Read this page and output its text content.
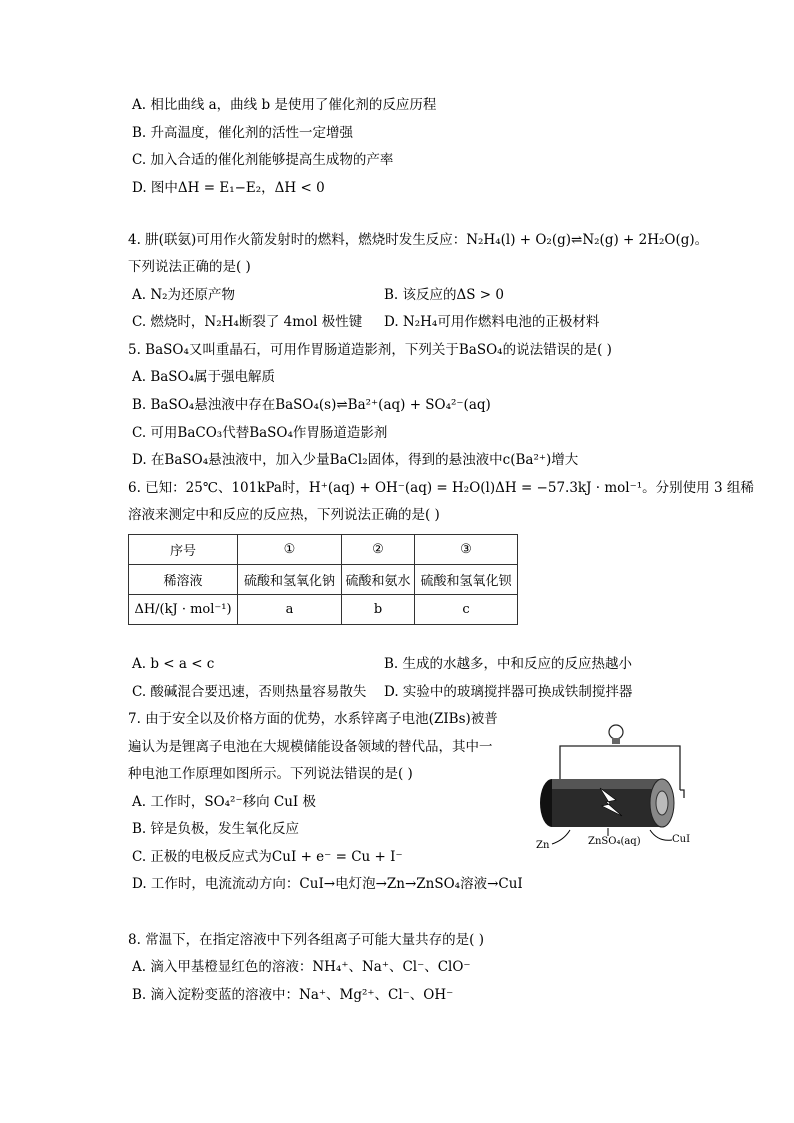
A. 相比曲线 a，曲线 b 是使用了催化剂的反应历程
B. 升高温度，催化剂的活性一定增强
C. 加入合适的催化剂能够提高生成物的产率
D. 图中ΔH = E₁−E₂，ΔH < 0
4. 肼(联氨)可用作火箭发射时的燃料，燃烧时发生反应：N₂H₄(l) + O₂(g)⇌N₂(g) + 2H₂O(g)。
下列说法正确的是( )
A. N₂为还原产物	B. 该反应的ΔS > 0
C. 燃烧时，N₂H₄断裂了 4mol 极性键 D. N₂H₄可用作燃料电池的正极材料
5. BaSO₄又叫重晶石，可用作胃肠道造影剂，下列关于BaSO₄的说法错误的是( )
A. BaSO₄属于强电解质
B. BaSO₄悬浊液中存在BaSO₄(s)⇌Ba²⁺(aq) + SO₄²⁻(aq)
C. 可用BaCO₃代替BaSO₄作胃肠道造影剂
D. 在BaSO₄悬浊液中，加入少量BaCl₂固体，得到的悬浊液中c(Ba²⁺)增大
6. 已知：25℃、101kPa时，H⁺(aq) + OH⁻(aq) = H₂O(l)ΔH = −57.3kJ · mol⁻¹。分别使用 3 组稀
溶液来测定中和反应的反应热，下列说法正确的是( )
序号	①	②	③
稀溶液	硫酸和氢氧化钠	硫酸和氨水	硫酸和氢氧化钡
ΔH/(kJ · mol⁻¹)	a	b	c
A. b < a < c	B. 生成的水越多，中和反应的反应热越小
C. 酸碱混合要迅速，否则热量容易散失 D. 实验中的玻璃搅拌器可换成铁制搅拌器
7. 由于安全以及价格方面的优势，水系锌离子电池(ZIBs)被普
遍认为是锂离子电池在大规模储能设备领域的替代品，其中一
种电池工作原理如图所示。下列说法错误的是( )
A. 工作时，SO₄²⁻移向 CuI 极
B. 锌是负极，发生氧化反应
C. 正极的电极反应式为CuI + e⁻ = Cu + I⁻
D. 工作时，电流流动方向：CuI→电灯泡→Zn→ZnSO₄溶液→CuI
Zn	ZnSO₄(aq)	CuI
8. 常温下，在指定溶液中下列各组离子可能大量共存的是( )
A. 滴入甲基橙显红色的溶液：NH₄⁺、Na⁺、Cl⁻、ClO⁻
B. 滴入淀粉变蓝的溶液中：Na⁺、Mg²⁺、Cl⁻、OH⁻
